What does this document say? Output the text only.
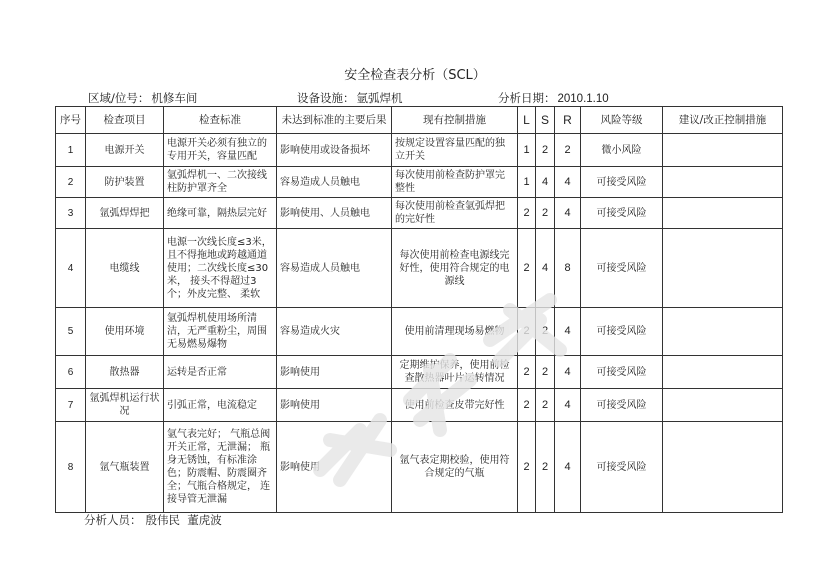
安全检查表分析（SCL）
区域/位号： 机修车间	设备设施： 氩弧焊机	分析日期： 2010.1.10
序号	检查项目	检查标准	未达到标准的主要后果	现有控制措施	L	S	R	风险等级	建议/改正控制措施
1	电源开关	电源开关必须有独立的专用开关，容量匹配	影响使用或设备损坏	按规定设置容量匹配的独立开关	1	2	2	微小风险	
2	防护装置	氩弧焊机一、二次接线柱防护罩齐全	容易造成人员触电	每次使用前检查防护罩完整性	1	4	4	可接受风险	
3	氩弧焊焊把	绝缘可靠，隔热层完好	影响使用、人员触电	每次使用前检查氩弧焊把的完好性	2	2	4	可接受风险	
4	电缆线	电源一次线长度≤3米，且不得拖地或跨越通道使用；二次线长度≤30米， 接头不得超过3个；外皮完整、 柔软	容易造成人员触电	每次使用前检查电源线完好性，使用符合规定的电源线	2	4	8	可接受风险	
5	使用环境	氩弧焊机使用场所清洁，无严重粉尘，周围无易燃易爆物	容易造成火灾	使用前清理现场易燃物	2	2	4	可接受风险	
6	散热器	运转是否正常	影响使用	定期维护保养，使用前检查散热器叶片运转情况	2	2	4	可接受风险	
7	氩弧焊机运行状况	引弧正常，电流稳定	影响使用	使用前检查皮带完好性	2	2	4	可接受风险	
8	氩气瓶装置	氩气表完好； 气瓶总阀开关正常，无泄漏； 瓶身无锈蚀，有标准涂色；防震帽、防震圈齐全；气瓶合格规定， 连接导管无泄漏	影响使用	氩气表定期校验，使用符合规定的气瓶	2	2	4	可接受风险	
分析人员： 殷伟民  董虎波
